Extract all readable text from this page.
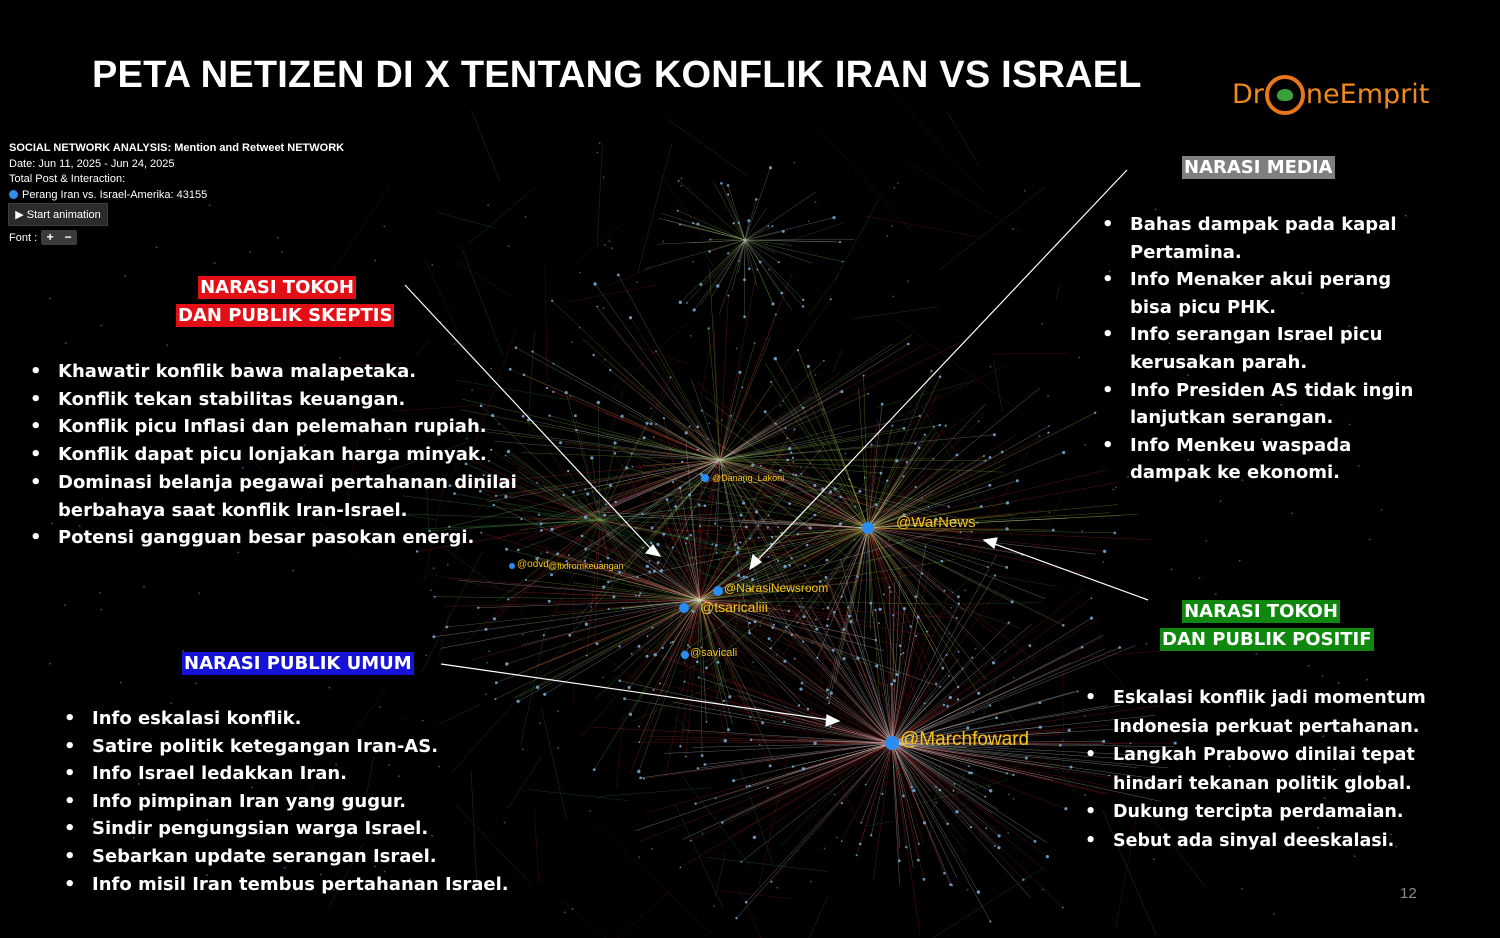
@Marchfoward
@NarasiNewsroom
@tsaricaliii
@savicali
@odvd @fixfromkeuangan
@WarNews
@Danang_Lakoni
PETA NETIZEN DI X TENTANG KONFLIK IRAN VS ISRAEL	Dr neEmprit
SOCIAL NETWORK ANALYSIS: Mention and Retweet NETWORK
Date: Jun 11, 2025 - Jun 24, 2025
Total Post & Interaction:
Perang Iran vs. Israel-Amerika: 43155
▶ Start animation
Font : + −
NARASI TOKOH
DAN PUBLIK SKEPTIS
• Khawatir konflik bawa malapetaka.
• Konflik tekan stabilitas keuangan.
• Konflik picu Inflasi dan pelemahan rupiah.
• Konflik dapat picu lonjakan harga minyak.
• Dominasi belanja pegawai pertahanan dinilai
berbahaya saat konflik Iran-Israel.
• Potensi gangguan besar pasokan energi.
NARASI MEDIA
• Bahas dampak pada kapal
Pertamina.
• Info Menaker akui perang
bisa picu PHK.
• Info serangan Israel picu
kerusakan parah.
• Info Presiden AS tidak ingin
lanjutkan serangan.
• Info Menkeu waspada
dampak ke ekonomi.
NARASI TOKOH
DAN PUBLIK POSITIF
• Eskalasi konflik jadi momentum
Indonesia perkuat pertahanan.
• Langkah Prabowo dinilai tepat
hindari tekanan politik global.
• Dukung tercipta perdamaian.
• Sebut ada sinyal deeskalasi.
NARASI PUBLIK UMUM
• Info eskalasi konflik.
• Satire politik ketegangan Iran-AS.
• Info Israel ledakkan Iran.
• Info pimpinan Iran yang gugur.
• Sindir pengungsian warga Israel.
• Sebarkan update serangan Israel.
• Info misil Iran tembus pertahanan Israel.	12
